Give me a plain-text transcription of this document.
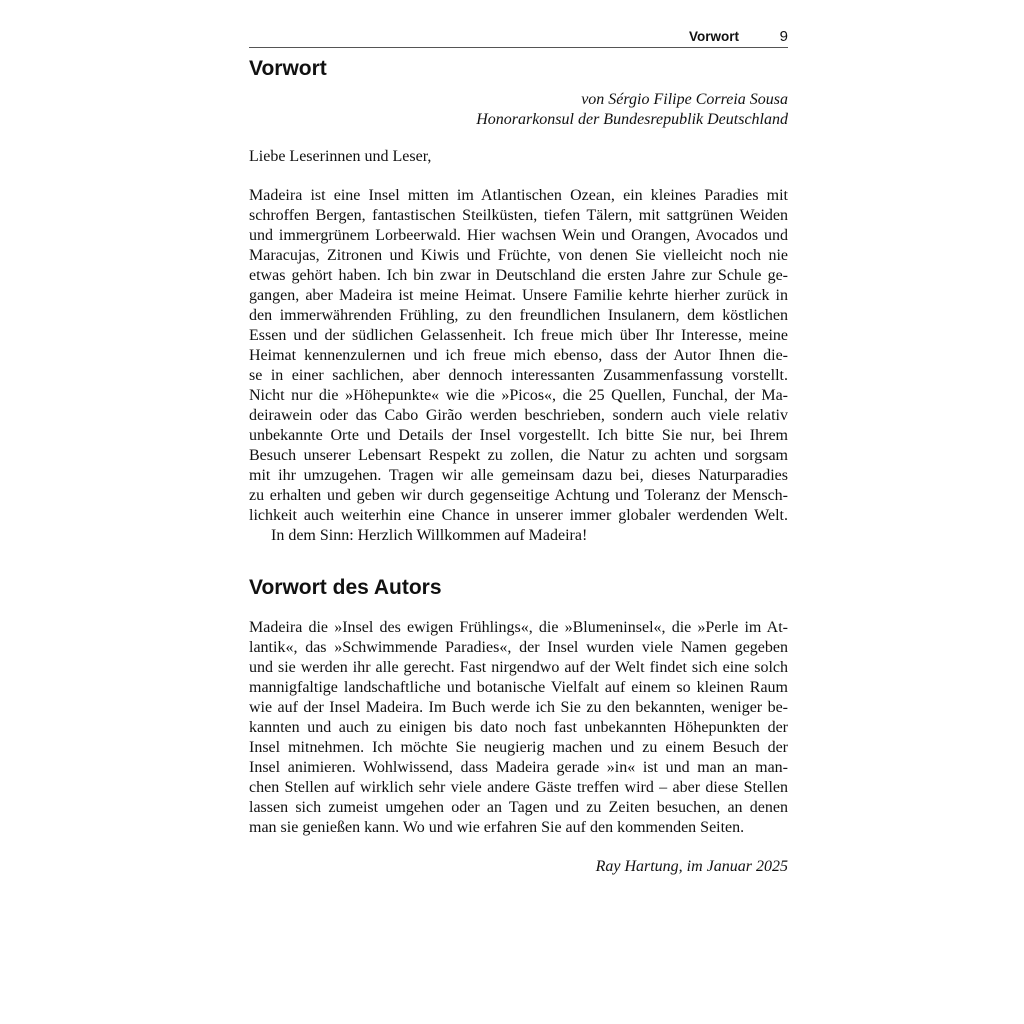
Vorwort	9
Vorwort
von Sérgio Filipe Correia Sousa
Honorarkonsul der Bundesrepublik Deutschland
Liebe Leserinnen und Leser,
Madeira ist eine Insel mitten im Atlantischen Ozean, ein kleines Paradies mit
schroffen Bergen, fantastischen Steilküsten, tiefen Tälern, mit sattgrünen Weiden
und immergrünem Lorbeerwald. Hier wachsen Wein und Orangen, Avocados und
Maracujas, Zitronen und Kiwis und Früchte, von denen Sie vielleicht noch nie
etwas gehört haben. Ich bin zwar in Deutschland die ersten Jahre zur Schule ge-
gangen, aber Madeira ist meine Heimat. Unsere Familie kehrte hierher zurück in
den immerwährenden Frühling, zu den freundlichen Insulanern, dem köstlichen
Essen und der südlichen Gelassenheit. Ich freue mich über Ihr Interesse, meine
Heimat kennenzulernen und ich freue mich ebenso, dass der Autor Ihnen die-
se in einer sachlichen, aber dennoch interessanten Zusammenfassung vorstellt.
Nicht nur die »Höhepunkte« wie die »Picos«, die 25 Quellen, Funchal, der Ma-
deirawein oder das Cabo Girão werden beschrieben, sondern auch viele relativ
unbekannte Orte und Details der Insel vorgestellt. Ich bitte Sie nur, bei Ihrem
Besuch unserer Lebensart Respekt zu zollen, die Natur zu achten und sorgsam
mit ihr umzugehen. Tragen wir alle gemeinsam dazu bei, dieses Naturparadies
zu erhalten und geben wir durch gegenseitige Achtung und Toleranz der Mensch-
lichkeit auch weiterhin eine Chance in unserer immer globaler werdenden Welt.
In dem Sinn: Herzlich Willkommen auf Madeira!
Vorwort des Autors
Madeira die »Insel des ewigen Frühlings«, die »Blumeninsel«, die »Perle im At-
lantik«, das »Schwimmende Paradies«, der Insel wurden viele Namen gegeben
und sie werden ihr alle gerecht. Fast nirgendwo auf der Welt findet sich eine solch
mannigfaltige landschaftliche und botanische Vielfalt auf einem so kleinen Raum
wie auf der Insel Madeira. Im Buch werde ich Sie zu den bekannten, weniger be-
kannten und auch zu einigen bis dato noch fast unbekannten Höhepunkten der
Insel mitnehmen. Ich möchte Sie neugierig machen und zu einem Besuch der
Insel animieren. Wohlwissend, dass Madeira gerade »in« ist und man an man-
chen Stellen auf wirklich sehr viele andere Gäste treffen wird – aber diese Stellen
lassen sich zumeist umgehen oder an Tagen und zu Zeiten besuchen, an denen
man sie genießen kann. Wo und wie erfahren Sie auf den kommenden Seiten.
Ray Hartung, im Januar 2025
